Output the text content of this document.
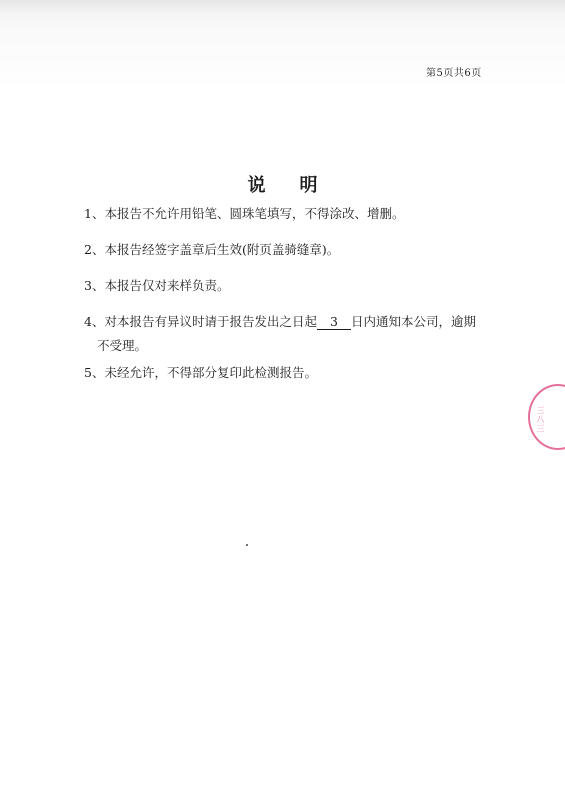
第5页共6页
说明
1、本报告不允许用铅笔、圆珠笔填写，不得涂改、增删。
2、本报告经签字盖章后生效(附页盖骑缝章)。
3、本报告仅对来样负责。
4、对本报告有异议时请于报告发出之日起 3 日内通知本公司，逾期
不受理。
5、未经允许，不得部分复印此检测报告。
三八三
